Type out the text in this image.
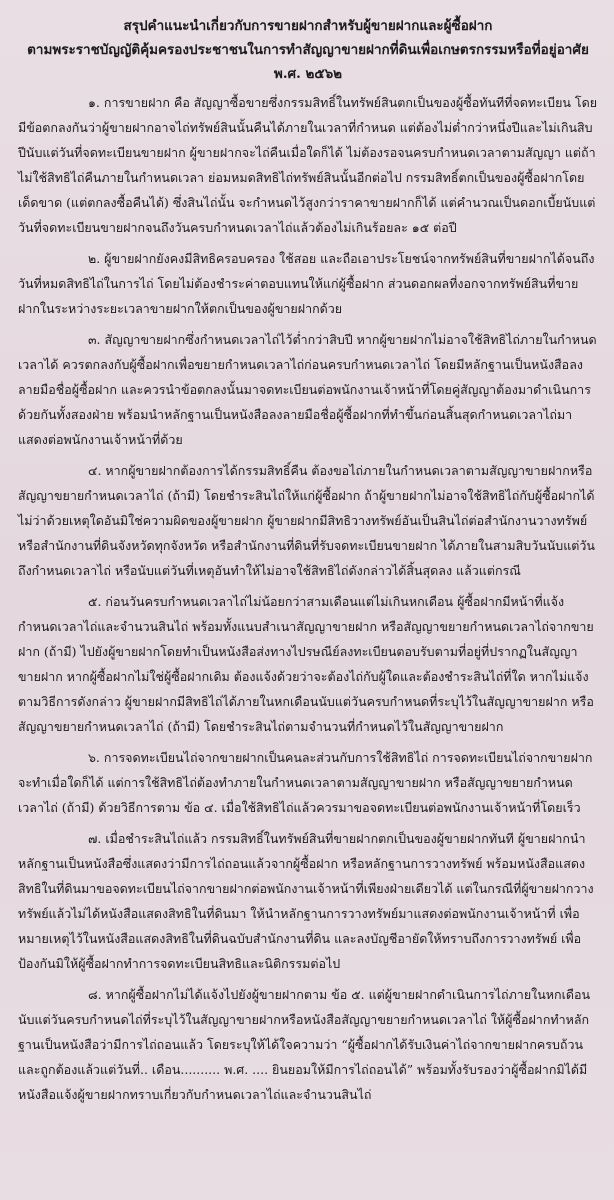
สรุปคำแนะนำเกี่ยวกับการขายฝากสำหรับผู้ขายฝากและผู้ซื้อฝาก

ตามพระราชบัญญัติคุ้มครองประชาชนในการทำสัญญาขายฝากที่ดินเพื่อเกษตรกรรมหรือที่อยู่อาศัย พ.ศ. ๒๕๖๒

๑. การขายฝาก คือ สัญญาซื้อขายซึ่งกรรมสิทธิ์ในทรัพย์สินตกเป็นของผู้ซื้อทันทีที่จดทะเบียน โดยมีข้อตกลงกันว่าผู้ขายฝากอาจไถ่ทรัพย์สินนั้นคืนได้ภายในเวลาที่กำหนด แต่ต้องไม่ต่ำกว่าหนึ่งปีและไม่เกินสิบปีนับแต่วันที่จดทะเบียนขายฝาก ผู้ขายฝากจะไถ่คืนเมื่อใดก็ได้ ไม่ต้องรอจนครบกำหนดเวลาตามสัญญา แต่ถ้าไม่ใช้สิทธิไถ่คืนภายในกำหนดเวลา ย่อมหมดสิทธิไถ่ทรัพย์สินนั้นอีกต่อไป กรรมสิทธิ์ตกเป็นของผู้ซื้อฝากโดยเด็ดขาด (แต่ตกลงซื้อคืนได้) ซึ่งสินไถ่นั้น จะกำหนดไว้สูงกว่าราคาขายฝากก็ได้ แต่คำนวณเป็นดอกเบี้ยนับแต่วันที่จดทะเบียนขายฝากจนถึงวันครบกำหนดเวลาไถ่แล้วต้องไม่เกินร้อยละ ๑๕ ต่อปี

๒. ผู้ขายฝากยังคงมีสิทธิครอบครอง ใช้สอย และถือเอาประโยชน์จากทรัพย์สินที่ขายฝากได้จนถึงวันที่หมดสิทธิไถ่ในการไถ่ โดยไม่ต้องชำระค่าตอบแทนให้แก่ผู้ซื้อฝาก ส่วนดอกผลที่งอกจากทรัพย์สินที่ขายฝากในระหว่างระยะเวลาขายฝากให้ตกเป็นของผู้ขายฝากด้วย

๓. สัญญาขายฝากซึ่งกำหนดเวลาไถ่ไว้ต่ำกว่าสิบปี หากผู้ขายฝากไม่อาจใช้สิทธิไถ่ภายในกำหนดเวลาได้ ควรตกลงกับผู้ซื้อฝากเพื่อขยายกำหนดเวลาไถ่ก่อนครบกำหนดเวลาไถ่ โดยมีหลักฐานเป็นหนังสือลงลายมือชื่อผู้ซื้อฝาก และควรนำข้อตกลงนั้นมาจดทะเบียนต่อพนักงานเจ้าหน้าที่โดยคู่สัญญาต้องมาดำเนินการด้วยกันทั้งสองฝ่าย พร้อมนำหลักฐานเป็นหนังสือลงลายมือชื่อผู้ซื้อฝากที่ทำขึ้นก่อนสิ้นสุดกำหนดเวลาไถ่มาแสดงต่อพนักงานเจ้าหน้าที่ด้วย

๔. หากผู้ขายฝากต้องการได้กรรมสิทธิ์คืน ต้องขอไถ่ภายในกำหนดเวลาตามสัญญาขายฝากหรือสัญญาขยายกำหนดเวลาไถ่ (ถ้ามี) โดยชำระสินไถ่ให้แก่ผู้ซื้อฝาก ถ้าผู้ขายฝากไม่อาจใช้สิทธิไถ่กับผู้ซื้อฝากได้ ไม่ว่าด้วยเหตุใดอันมิใช่ความผิดของผู้ขายฝาก ผู้ขายฝากมีสิทธิวางทรัพย์อันเป็นสินไถ่ต่อสำนักงานวางทรัพย์หรือสำนักงานที่ดินจังหวัดทุกจังหวัด หรือสำนักงานที่ดินที่รับจดทะเบียนขายฝาก ได้ภายในสามสิบวันนับแต่วันถึงกำหนดเวลาไถ่ หรือนับแต่วันที่เหตุอันทำให้ไม่อาจใช้สิทธิไถ่ดังกล่าวได้สิ้นสุดลง แล้วแต่กรณี

๕. ก่อนวันครบกำหนดเวลาไถ่ไม่น้อยกว่าสามเดือนแต่ไม่เกินหกเดือน ผู้ซื้อฝากมีหน้าที่แจ้งกำหนดเวลาไถ่และจำนวนสินไถ่ พร้อมทั้งแนบสำเนาสัญญาขายฝาก หรือสัญญาขยายกำหนดเวลาไถ่จากขายฝาก (ถ้ามี) ไปยังผู้ขายฝากโดยทำเป็นหนังสือส่งทางไปรษณีย์ลงทะเบียนตอบรับตามที่อยู่ที่ปรากฏในสัญญาขายฝาก หากผู้ซื้อฝากไม่ใช่ผู้ซื้อฝากเดิม ต้องแจ้งด้วยว่าจะต้องไถ่กับผู้ใดและต้องชำระสินไถ่ที่ใด หากไม่แจ้งตามวิธีการดังกล่าว ผู้ขายฝากมีสิทธิไถ่ได้ภายในหกเดือนนับแต่วันครบกำหนดที่ระบุไว้ในสัญญาขายฝาก หรือสัญญาขยายกำหนดเวลาไถ่ (ถ้ามี) โดยชำระสินไถ่ตามจำนวนที่กำหนดไว้ในสัญญาขายฝาก

๖. การจดทะเบียนไถ่จากขายฝากเป็นคนละส่วนกับการใช้สิทธิไถ่ การจดทะเบียนไถ่จากขายฝากจะทำเมื่อใดก็ได้ แต่การใช้สิทธิไถ่ต้องทำภายในกำหนดเวลาตามสัญญาขายฝาก หรือสัญญาขยายกำหนดเวลาไถ่ (ถ้ามี) ด้วยวิธีการตาม ข้อ ๔. เมื่อใช้สิทธิไถ่แล้วควรมาขอจดทะเบียนต่อพนักงานเจ้าหน้าที่โดยเร็ว

๗. เมื่อชำระสินไถ่แล้ว กรรมสิทธิ์ในทรัพย์สินที่ขายฝากตกเป็นของผู้ขายฝากทันที ผู้ขายฝากนำหลักฐานเป็นหนังสือซึ่งแสดงว่ามีการไถ่ถอนแล้วจากผู้ซื้อฝาก หรือหลักฐานการวางทรัพย์ พร้อมหนังสือแสดงสิทธิในที่ดินมาขอจดทะเบียนไถ่จากขายฝากต่อพนักงานเจ้าหน้าที่เพียงฝ่ายเดียวได้ แต่ในกรณีที่ผู้ขายฝากวางทรัพย์แล้วไม่ได้หนังสือแสดงสิทธิในที่ดินมา ให้นำหลักฐานการวางทรัพย์มาแสดงต่อพนักงานเจ้าหน้าที่ เพื่อหมายเหตุไว้ในหนังสือแสดงสิทธิในที่ดินฉบับสำนักงานที่ดิน และลงบัญชีอายัดให้ทราบถึงการวางทรัพย์ เพื่อป้องกันมิให้ผู้ซื้อฝากทำการจดทะเบียนสิทธิและนิติกรรมต่อไป

๘. หากผู้ซื้อฝากไม่ได้แจ้งไปยังผู้ขายฝากตาม ข้อ ๕. แต่ผู้ขายฝากดำเนินการไถ่ภายในหกเดือน นับแต่วันครบกำหนดไถ่ที่ระบุไว้ในสัญญาขายฝากหรือหนังสือสัญญาขยายกำหนดเวลาไถ่ ให้ผู้ซื้อฝากทำหลักฐานเป็นหนังสือว่ามีการไถ่ถอนแล้ว โดยระบุให้ได้ใจความว่า “ผู้ซื้อฝากได้รับเงินค่าไถ่จากขายฝากครบถ้วนและถูกต้องแล้วแต่วันที่.. เดือน.......... พ.ศ. .... ยินยอมให้มีการไถ่ถอนได้” พร้อมทั้งรับรองว่าผู้ซื้อฝากมิได้มีหนังสือแจ้งผู้ขายฝากทราบเกี่ยวกับกำหนดเวลาไถ่และจำนวนสินไถ่
